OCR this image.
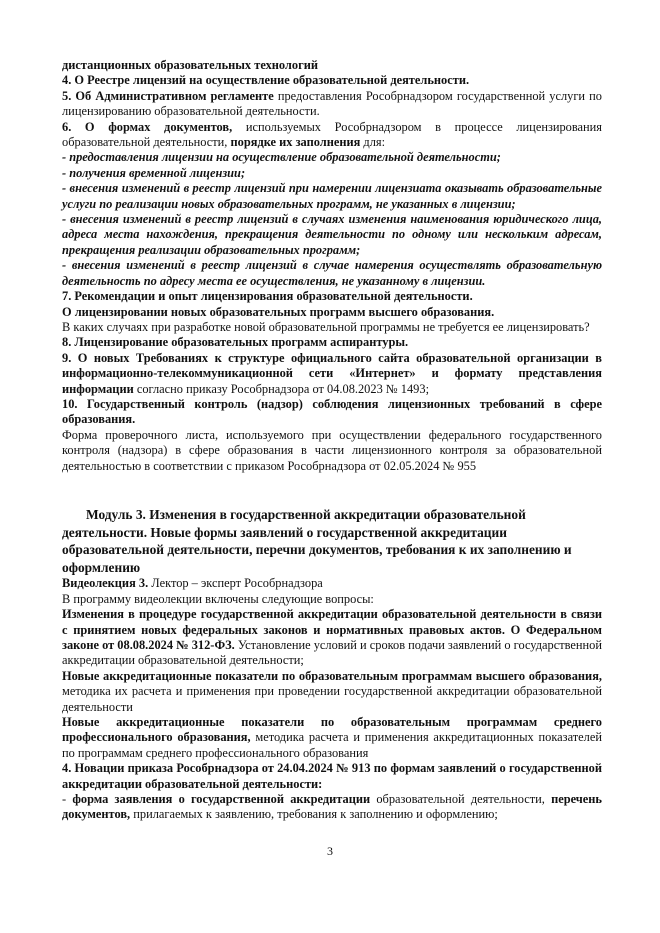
дистанционных образовательных технологий

4. О Реестре лицензий на осуществление образовательной деятельности.

5. Об Административном регламенте предоставления Рособрнадзором государственной услуги по лицензированию образовательной деятельности.

6. О формах документов, используемых Рособрнадзором в процессе лицензирования образовательной деятельности, порядке их заполнения для:

- предоставления лицензии на осуществление образовательной деятельности;

- получения временной лицензии;

- внесения изменений в реестр лицензий при намерении лицензиата оказывать образовательные услуги по реализации новых образовательных программ, не указанных в лицензии;

- внесения изменений в реестр лицензий в случаях изменения наименования юридического лица, адреса места нахождения, прекращения деятельности по одному или нескольким адресам, прекращения реализации образовательных программ;

- внесения изменений в реестр лицензий в случае намерения осуществлять образовательную деятельность по адресу места ее осуществления, не указанному в лицензии.

7. Рекомендации и опыт лицензирования образовательной деятельности.

О лицензировании новых образовательных программ высшего образования.

В каких случаях при разработке новой образовательной программы не требуется ее лицензировать?

8. Лицензирование образовательных программ аспирантуры.

9. О новых Требованиях к структуре официального сайта образовательной организации в информационно-телекоммуникационной сети «Интернет» и формату представления информации согласно приказу Рособрнадзора от 04.08.2023 № 1493;

10. Государственный контроль (надзор) соблюдения лицензионных требований в сфере образования.

Форма проверочного листа, используемого при осуществлении федерального государственного контроля (надзора) в сфере образования в части лицензионного контроля за образовательной деятельностью в соответствии с приказом Рособрнадзора от 02.05.2024 № 955

Модуль 3. Изменения в государственной аккредитации образовательной деятельности. Новые формы заявлений о государственной аккредитации образовательной деятельности, перечни документов, требования к их заполнению и оформлению

Видеолекция 3. Лектор – эксперт Рособрнадзора

В программу видеолекции включены следующие вопросы:

Изменения в процедуре государственной аккредитации образовательной деятельности в связи с принятием новых федеральных законов и нормативных правовых актов. О Федеральном законе от 08.08.2024 № 312-ФЗ. Установление условий и сроков подачи заявлений о государственной аккредитации образовательной деятельности;

Новые аккредитационные показатели по образовательным программам высшего образования, методика их расчета и применения при проведении государственной аккредитации образовательной деятельности

Новые аккредитационные показатели по образовательным программам среднего профессионального образования, методика расчета и применения аккредитационных показателей по программам среднего профессионального образования

4. Новации приказа Рособрнадзора от 24.04.2024 № 913 по формам заявлений о государственной аккредитации образовательной деятельности:

- форма заявления о государственной аккредитации образовательной деятельности, перечень документов, прилагаемых к заявлению, требования к заполнению и оформлению;

3
